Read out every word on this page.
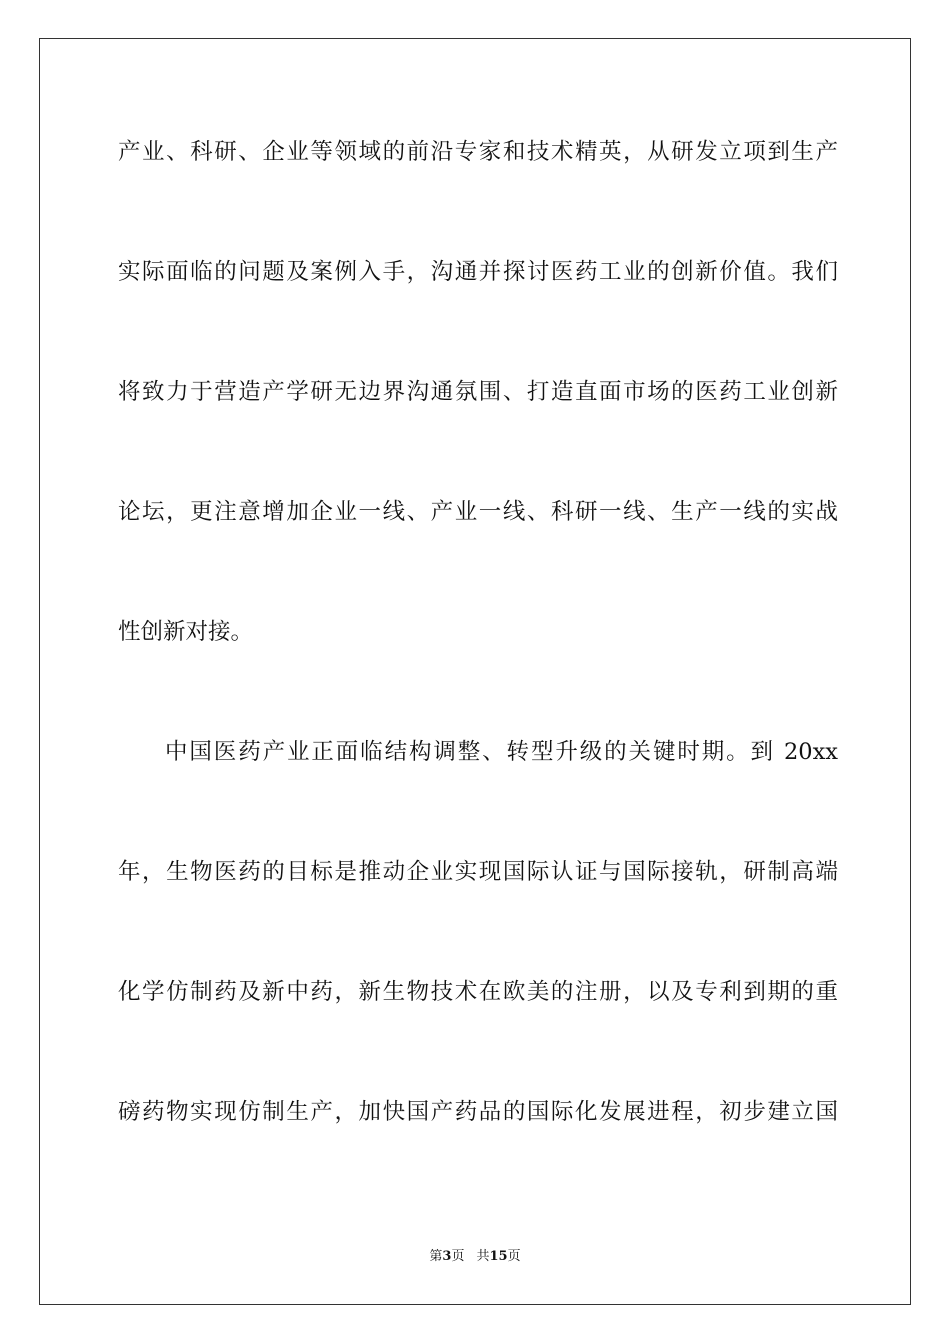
产业、科研、企业等领域的前沿专家和技术精英，从研发立项到生产
实际面临的问题及案例入手，沟通并探讨医药工业的创新价值。我们
将致力于营造产学研无边界沟通氛围、打造直面市场的医药工业创新
论坛，更注意增加企业一线、产业一线、科研一线、生产一线的实战
性创新对接。
中国医药产业正面临结构调整、转型升级的关键时期。到 20xx
年，生物医药的目标是推动企业实现国际认证与国际接轨，研制高端
化学仿制药及新中药，新生物技术在欧美的注册，以及专利到期的重
磅药物实现仿制生产，加快国产药品的国际化发展进程，初步建立国
第3页 共15页
